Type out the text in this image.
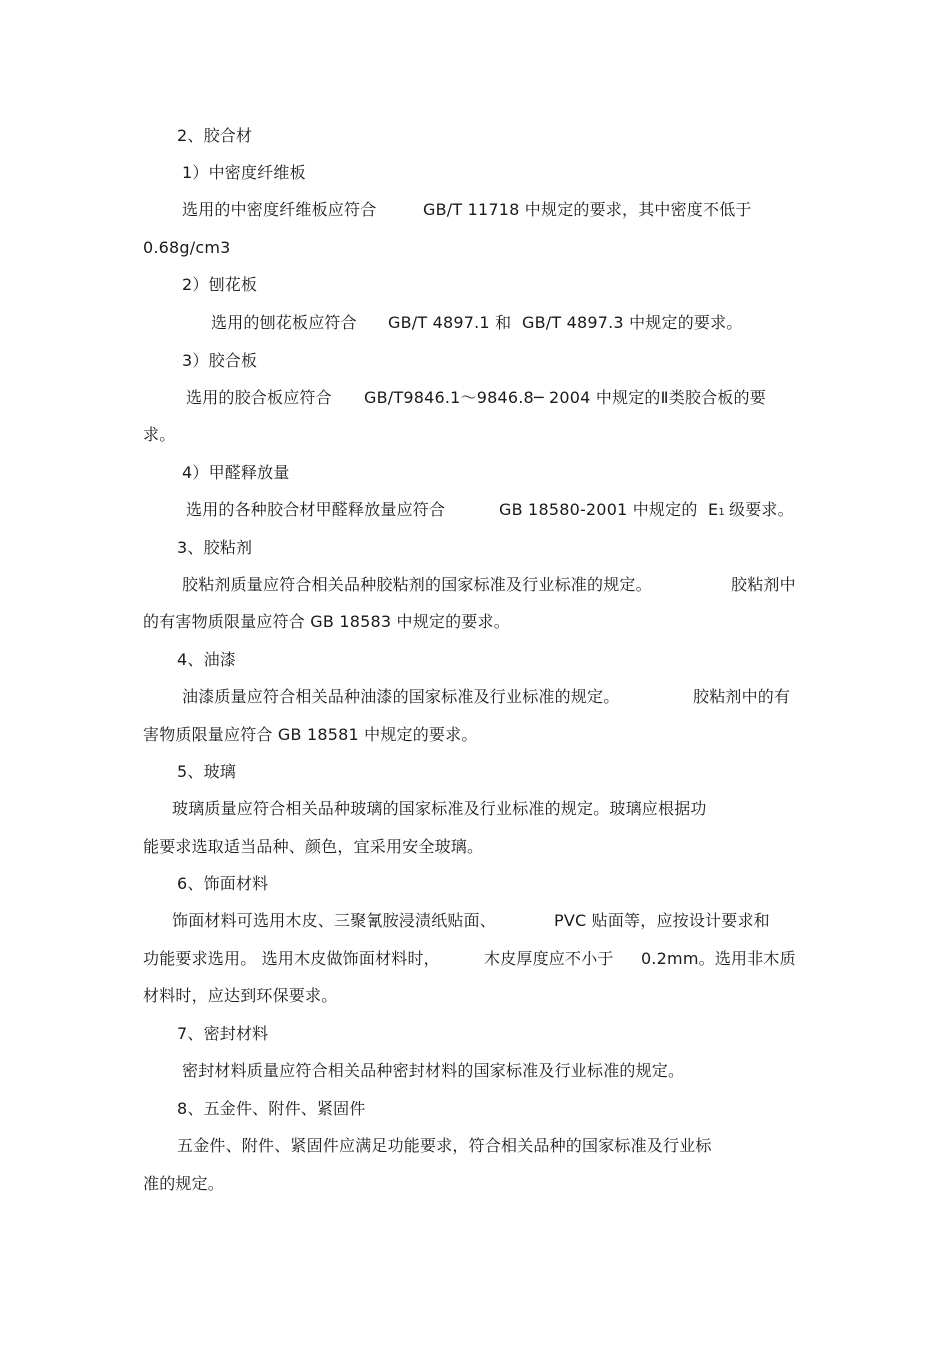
2、胶合材
1）中密度纤维板
选用的中密度纤维板应符合	GB/T 11718 中规定的要求，其中密度不低于
0.68g/cm3
2）刨花板
选用的刨花板应符合 GB/T 4897.1 和 GB/T 4897.3 中规定的要求。
3）胶合板
选用的胶合板应符合 GB/T9846.1～9846.8─ 2004 中规定的Ⅱ类胶合板的要
求。
4）甲醛释放量
选用的各种胶合材甲醛释放量应符合	GB 18580-2001 中规定的 E1 级要求。
3、胶粘剂
胶粘剂质量应符合相关品种胶粘剂的国家标准及行业标准的规定。	胶粘剂中
的有害物质限量应符合 GB 18583 中规定的要求。
4、油漆
油漆质量应符合相关品种油漆的国家标准及行业标准的规定。	胶粘剂中的有
害物质限量应符合 GB 18581 中规定的要求。
5、玻璃
玻璃质量应符合相关品种玻璃的国家标准及行业标准的规定。玻璃应根据功
能要求选取适当品种、颜色，宜采用安全玻璃。
6、饰面材料
饰面材料可选用木皮、三聚氰胺浸渍纸贴面、	PVC 贴面等，应按设计要求和
功能要求选用。 选用木皮做饰面材料时，	木皮厚度应不小于 0.2mm。选用非木质
材料时，应达到环保要求。
7、密封材料
密封材料质量应符合相关品种密封材料的国家标准及行业标准的规定。
8、五金件、附件、紧固件
五金件、附件、紧固件应满足功能要求，符合相关品种的国家标准及行业标
准的规定。
